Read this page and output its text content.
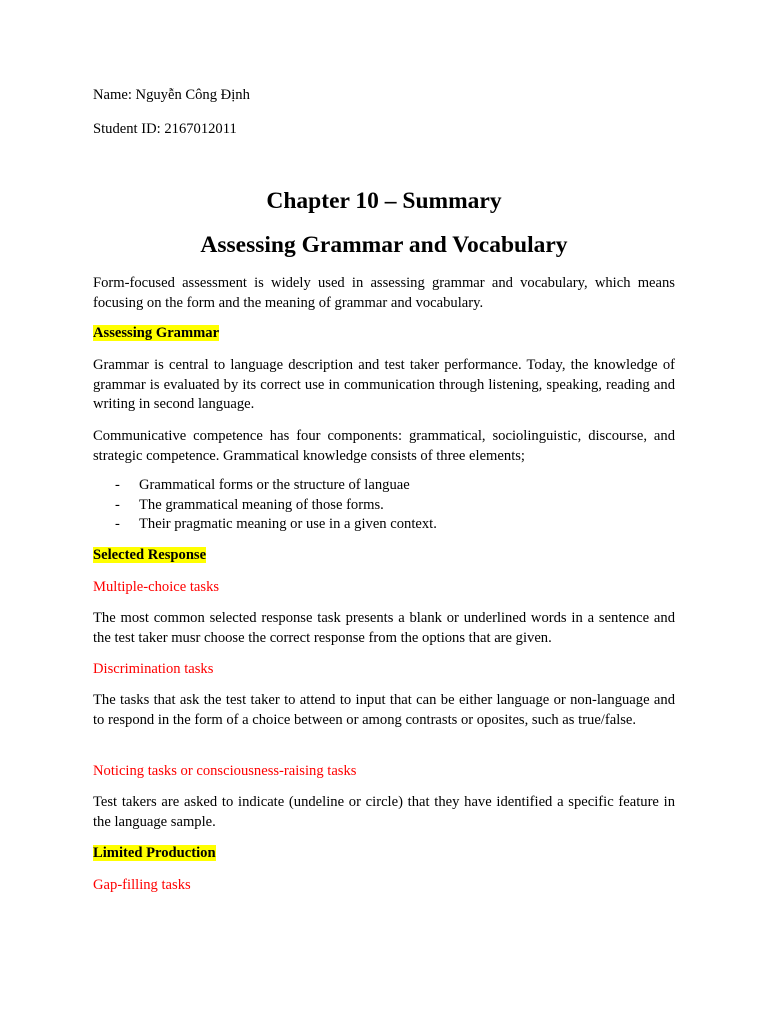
Name: Nguyễn Công Định

Student ID: 2167012011

Chapter 10 – Summary
Assessing Grammar and Vocabulary

Form-focused assessment is widely used in assessing grammar and vocabulary, which means focusing on the form and the meaning of grammar and vocabulary.

Assessing Grammar

Grammar is central to language description and test taker performance. Today, the knowledge of grammar is evaluated by its correct use in communication through listening, speaking, reading and writing in second language.

Communicative competence has four components: grammatical, sociolinguistic, discourse, and strategic competence. Grammatical knowledge consists of three elements;

- Grammatical forms or the structure of languae
- The grammatical meaning of those forms.
- Their pragmatic meaning or use in a given context.

Selected Response

Multiple-choice tasks

The most common selected response task presents a blank or underlined words in a sentence and the test taker musr choose the correct response from the options that are given.

Discrimination tasks

The tasks that ask the test taker to attend to input that can be either language or non-language and to respond in the form of a choice between or among contrasts or oposites, such as true/false.

Noticing tasks or consciousness-raising tasks

Test takers are asked to indicate (undeline or circle) that they have identified a specific feature in the language sample.

Limited Production

Gap-filling tasks
